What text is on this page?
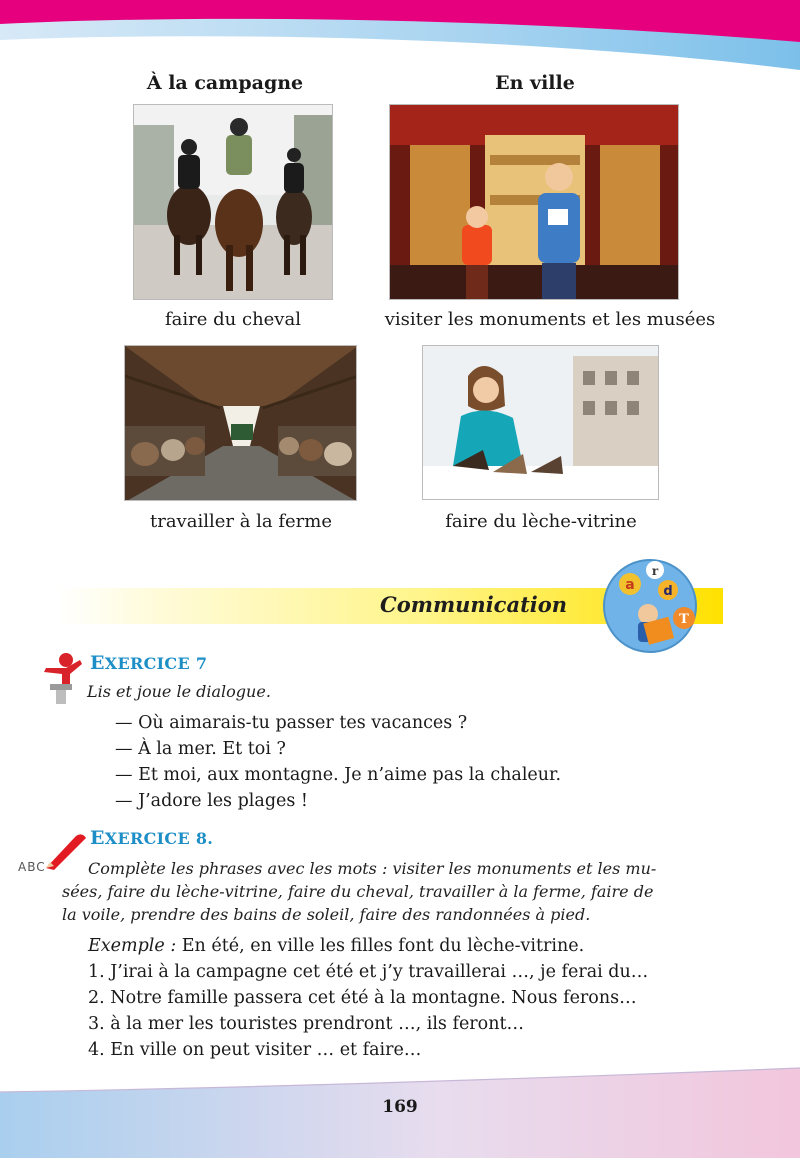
À la campagne	En ville
faire du cheval	visiter les monuments et les musées
travailler à la ferme	faire du lèche-vitrine
Communication
a
r
d
T
EXERCICE 7
Lis et joue le dialogue.
— Où aimarais-tu passer tes vacances ?
— À la mer. Et toi ?
— Et moi, aux montagne. Je n’aime pas la chaleur.
— J’adore les plages !
ABC
EXERCICE 8.
Complète les phrases avec les mots : visiter les monuments et les mu-
sées, faire du lèche-vitrine, faire du cheval, travailler à la ferme, faire de
la voile, prendre des bains de soleil, faire des randonnées à pied.
Exemple : En été, en ville les filles font du lèche-vitrine.
1. J’irai à la campagne cet été et j’y travaillerai …, je ferai du…
2. Notre famille passera cet été à la montagne. Nous ferons…
3. à la mer les touristes prendront …, ils feront…
4. En ville on peut visiter … et faire…
169
